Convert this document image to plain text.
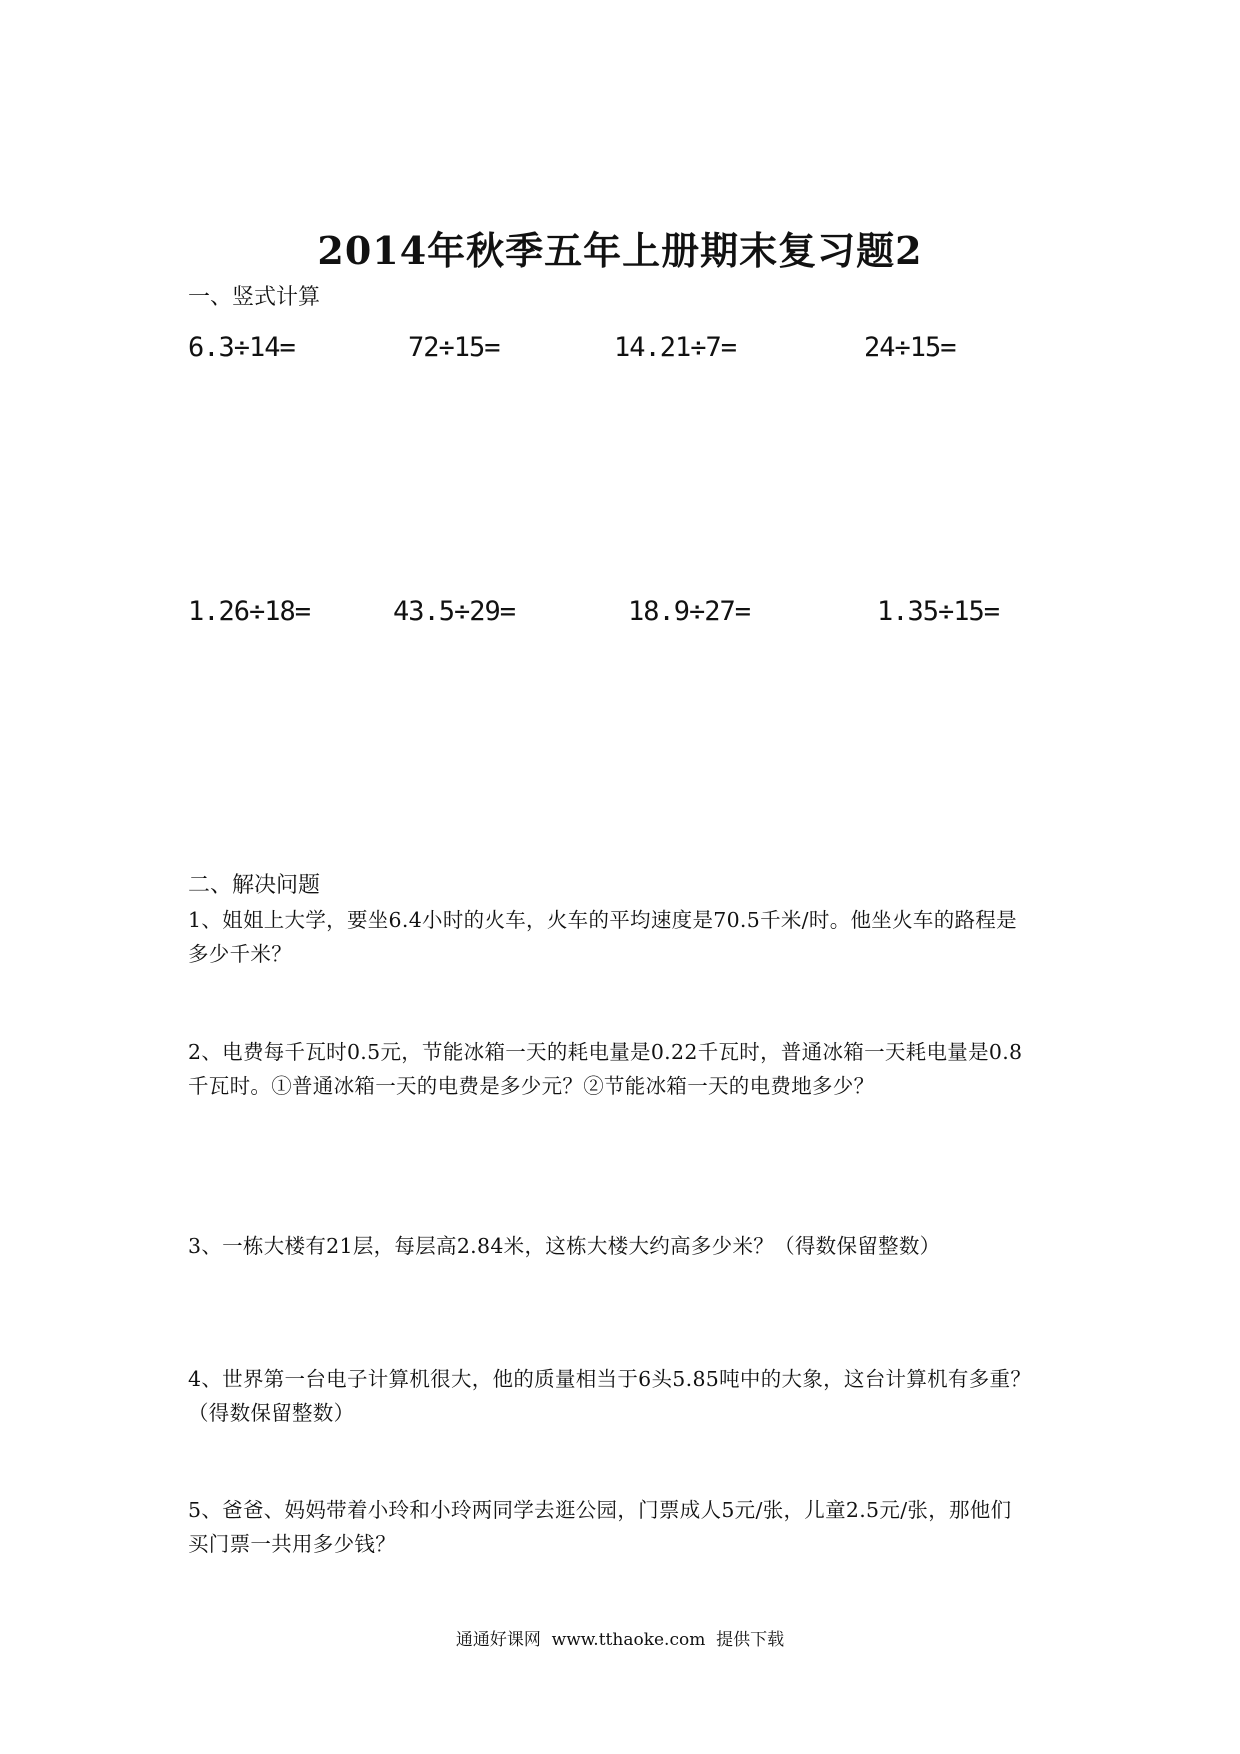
2014年秋季五年上册期末复习题2
一、竖式计算
6.3÷14=	72÷15=	14.21÷7=	24÷15=
1.26÷18=	43.5÷29=	18.9÷27=	1.35÷15=
二、解决问题

1、姐姐上大学，要坐6.4小时的火车，火车的平均速度是70.5千米/时。他坐火车的路程是

多少千米？

2、电费每千瓦时0.5元，节能冰箱一天的耗电量是0.22千瓦时，普通冰箱一天耗电量是0.8

千瓦时。①普通冰箱一天的电费是多少元？②节能冰箱一天的电费地多少？

3、一栋大楼有21层，每层高2.84米，这栋大楼大约高多少米？（得数保留整数）

4、世界第一台电子计算机很大，他的质量相当于6头5.85吨中的大象，这台计算机有多重？

（得数保留整数）

5、爸爸、妈妈带着小玲和小玲两同学去逛公园，门票成人5元/张，儿童2.5元/张，那他们

买门票一共用多少钱？

通通好课网  www.tthaoke.com  提供下载
